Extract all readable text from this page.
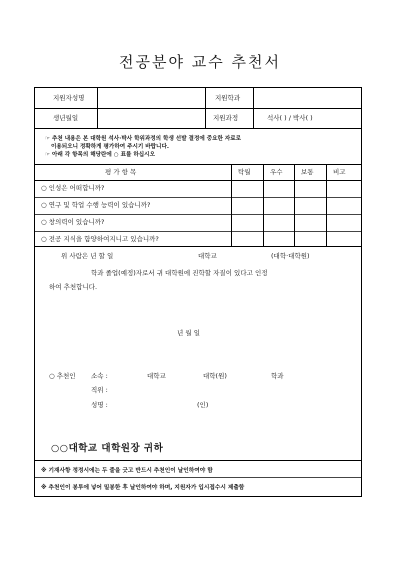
전공분야 교수 추천서
지원자성명	지원학과
생년월일	지원과정	석사( ) / 박사( )
☞ 추천 내용은 본 대학원 석사·박사 학위과정의 학생 선발 결정에 중요한 자료로
이용되오니 정확하게 평가하여 주시기 바랍니다.
☞ 아래 각 항목의 해당란에 ○ 표를 하십시오
평 가 항 목	탁월	우수	보통	비고
○ 인성은 어떠합니까?
○ 연구 및 학업 수행 능력이 있습니까?
○ 창의력이 있습니까?
○ 전공 지식을 함양하여지니고 있습니까?
위 사람은 년 할 일	대학교	(대학·대학원)
학과 졸업(예정)자로서 귀 대학원에 진학할 자질이 있다고 인정
하여 추천합니다.
년 월 일
○ 추천인 소속 :	대학교	대학(원)	학과
직위 :
성명 :	(인)
○○대학교 대학원장 귀하
※ 기재사항 정정시에는 두 줄을 긋고 반드시 추천인이 날인하여야 함
※ 추천인이 봉투에 넣어 밀봉한 후 날인하여야 하며, 지원자가 입시접수시 제출함
